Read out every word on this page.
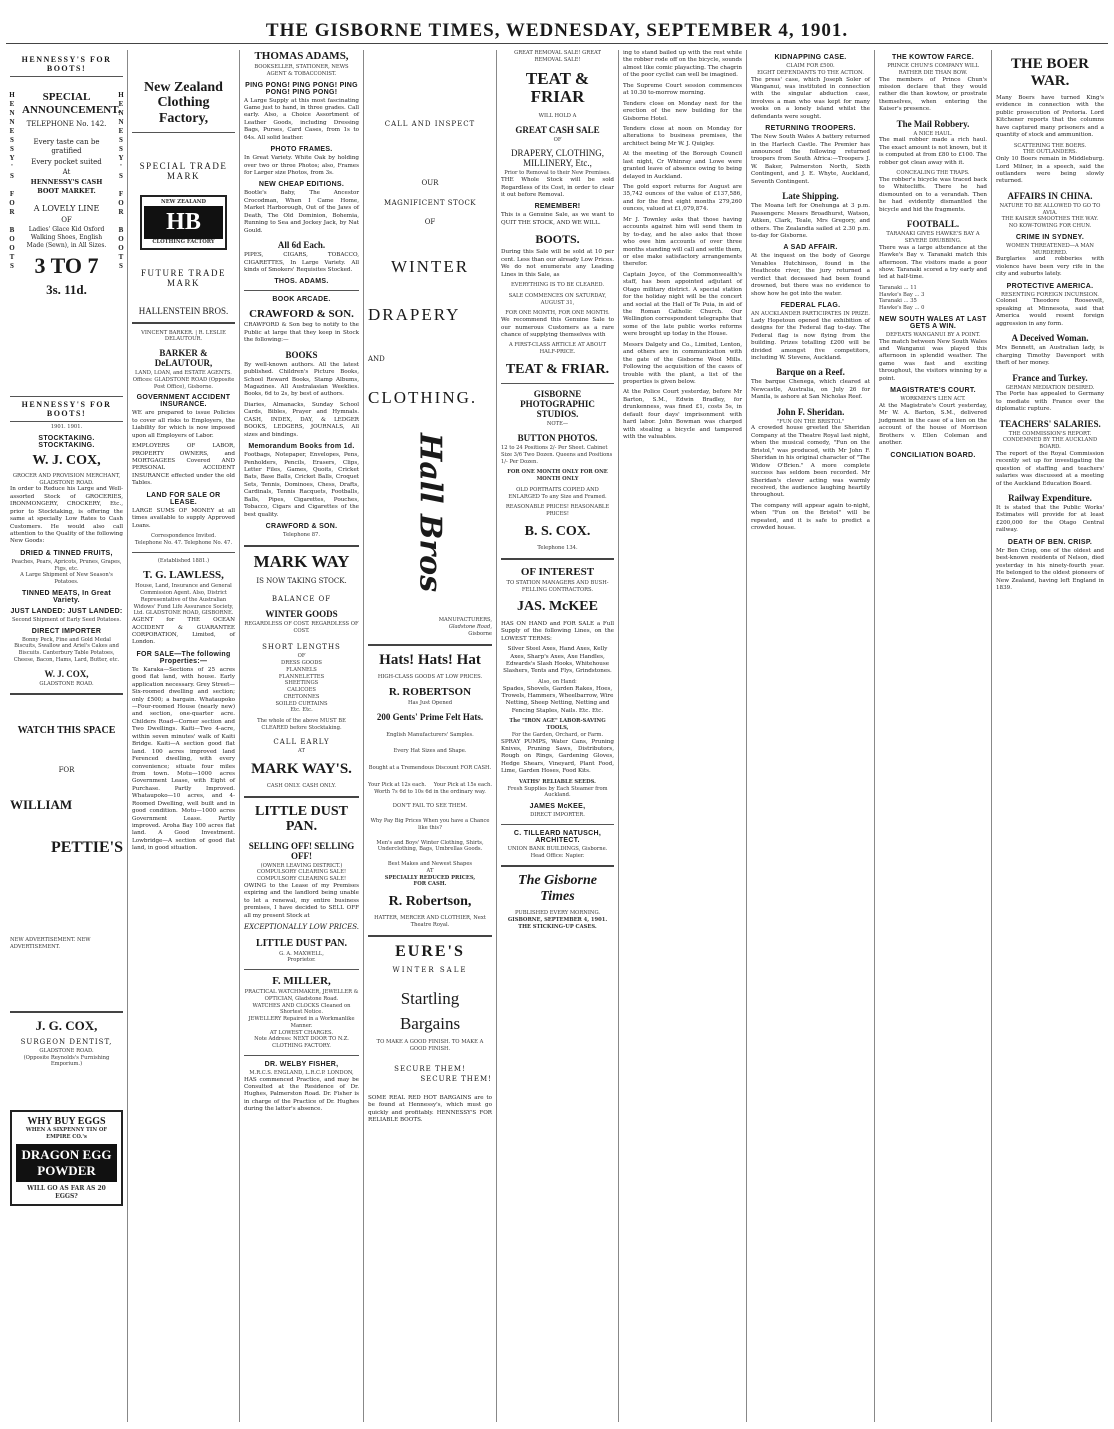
THE GISBORNE TIMES, WEDNESDAY, SEPTEMBER 4, 1901.
HENNESSY'S FOR BOOTS!
HENNESSY'S FOR BOOTS	HENNESSY'S FOR BOOTS
SPECIAL ANNOUNCEMENT.
TELEPHONE No. 142.
Every taste can be gratified
Every pocket suited
At
HENNESSY'S CASH BOOT MARKET.
A LOVELY LINE
OF
Ladies' Glace Kid Oxford Walking Shoes, English Made (Sewn), in All Sizes.
3 TO 7
3s. 11d.
HENNESSY'S FOR BOOTS!
1901. 1901.
STOCKTAKING. STOCKTAKING.
W. J. COX,
GROCER AND PROVISION MERCHANT, GLADSTONE ROAD.

In order to Reduce his Large and Well-assorted Stock of GROCERIES, IRONMONGERY, CROCKERY, Etc., prior to Stocktaking, is offering the same at specially Low Rates to Cash Customers. He would also call attention to the Quality of the following New Goods:

DRIED & TINNED FRUITS,
Peaches, Pears, Apricots, Prunes, Grapes, Figs, etc.
A Large Shipment of New Season's Potatoes.
TINNED MEATS, In Great Variety.
JUST LANDED: JUST LANDED:
Second Shipment of Early Seed Potatoes.
DIRECT IMPORTER
Bonny Peck, Fine and Gold Medal Biscuits, Swallow and Ariel's Cakes and Biscuits. Canterbury Table Potatoes, Cheese, Bacon, Hams, Lard, Butter, etc.
W. J. COX,
GLADSTONE ROAD.
WATCH THIS SPACE
FOR
WILLIAM
PETTIE'S
NEW ADVERTISEMENT. NEW ADVERTISEMENT.
J. G. COX,
SURGEON DENTIST,
GLADSTONE ROAD.
(Opposite Reynolds's Furnishing Emporium.)
WHY BUY EGGS
WHEN A SIXPENNY TIN OF EMPIRE CO.'s
DRAGON EGG POWDER
WILL GO AS FAR AS 20 EGGS?
New Zealand Clothing Factory,
SPECIAL TRADE MARK
NEW ZEALAND
HB
CLOTHING FACTORY
FUTURE TRADE MARK
HALLENSTEIN BROS.
VINCENT BARKER. | R. LESLIE DELAUTOUR.
BARKER & DeLAUTOUR,
LAND, LOAN, and ESTATE AGENTS.
Offices: GLADSTONE ROAD (Opposite Post Office), Gisborne.
GOVERNMENT ACCIDENT INSURANCE.

WE are prepared to issue Policies to cover all risks to Employers, the Liability for which is now imposed upon all Employers of Labor.

EMPLOYERS OF LABOR, PROPERTY OWNERS, and MORTGAGEES Covered AND PERSONAL ACCIDENT INSURANCE effected under the old Tables.

LAND FOR SALE OR LEASE.

LARGE SUMS OF MONEY at all times available to supply Approved Loans.

Correspondence Invited.
Telephone No. 47. Telephone No. 47.
(Established 1881.)
T. G. LAWLESS,
House, Land, Insurance and General Commission Agent. Also, District Representative of the Australian Widows' Fund Life Assurance Society, Ltd. GLADSTONE ROAD, GISBORNE.

AGENT for THE OCEAN ACCIDENT & GUARANTEE CORPORATION, Limited, of London.

FOR SALE—The following Properties:—

Te Karaka—Sections of 25 acres good flat land, with house. Early application necessary. Grey Street—Six-roomed dwelling and section; only £500; a bargain. Whataupoko—Four-roomed House (nearly new) and section, one-quarter acre. Childers Road—Corner section and Two Dwellings. Kaiti—Two 4-acre, within seven minutes' walk of Kaiti Bridge. Kaiti—A section good flat land. 100 acres improved land Ferenced dwelling, with every convenience; situate four miles from town. Motu—1000 acres Government Lease, with Eight of Purchase. Partly Improved. Whataupoko—10 acres, and 4-Roomed Dwelling, well built and in good condition. Motu—1000 acres Government Lease. Partly improved. Aroha Bay 100 acres flat land. A Good Investment. Lowbridge—A section of good flat land, in good situation.

THOMAS ADAMS,
BOOKSELLER, STATIONER, NEWS AGENT & TOBACCONIST.
PING PONG! PING PONG! PING PONG! PING PONG!

A Large Supply at this most fascinating Game just to hand, in three grades. Call early. Also, a Choice Assortment of Leather Goods, including Dressing Bags, Purses, Card Cases, from 1s to 64s. All solid leather.

PHOTO FRAMES.

In Great Variety. White Oak by holding over two or three Photos; also, Frames for Larger size Photos, from 3s.

NEW CHEAP EDITIONS.

Bootle's Baby, The Ancestor Crocodman, When I Came Home, Market Harborough, Out of the Jaws of Death, The Old Dominion, Bohemia, Running to Sea and Jockey Jack, by Nat Gould.

All 6d Each.

PIPES, CIGARS, TOBACCO, CIGARETTES, In Large Variety. All kinds of Smokers' Requisites Stocked.

THOS. ADAMS.
BOOK ARCADE.
CRAWFORD & SON.

CRAWFORD & Son beg to notify to the Public at large that they keep in Stock the following:—

BOOKS

By well-known authors. All the latest published. Children's Picture Books, School Reward Books, Stamp Albums, Magazines. All Australasian Weeklies. Books, 6d to 2s, by best of authors.

Diaries, Almanacks, Sunday School Cards, Bibles, Prayer and Hymnals. CASH, INDEX, DAY, & LEDGER BOOKS, LEDGERS, JOURNALS, All sizes and bindings.

Memorandum Books from 1d.

Footbags, Notepaper, Envelopes, Pens, Penholders, Pencils, Erasers, Clips, Letter Files, Games, Quoits, Cricket Bats, Base Balls, Cricket Balls, Croquet Sets, Tennis, Dominoes, Chess, Drafts, Cardinals, Tennis Racquets, Footballs, Balls, Pipes, Cigarettes, Pouches, Tobacco, Cigars and Cigarettes of the best quality.

CRAWFORD & SON.
Telephone 87.
MARK WAY
IS NOW TAKING STOCK.
BALANCE OF
WINTER GOODS
REGARDLESS OF COST. REGARDLESS OF COST.
SHORT LENGTHS
OF
DRESS GOODS
FLANNELS
FLANNELETTES
SHEETINGS
CALICOES
CRETONNES
SOILED CURTAINS
Etc. Etc.
The whole of the above MUST BE CLEARED before Stocktaking.
CALL EARLY
AT
MARK WAY'S.
CASH ONLY. CASH ONLY.
LITTLE DUST PAN.
SELLING OFF! SELLING OFF!
(OWNER LEAVING DISTRICT.)
COMPULSORY CLEARING SALE! COMPULSORY CLEARING SALE!

OWING to the Lease of my Premises expiring and the landlord being unable to let a renewal, my entire business premises, I have decided to SELL OFF all my present Stock at

EXCEPTIONALLY LOW PRICES.
LITTLE DUST PAN.
G. A. MAXWELL,
Proprietor.
F. MILLER,
PRACTICAL WATCHMAKER, JEWELLER & OPTICIAN, Gladstone Road.
WATCHES AND CLOCKS Cleaned on Shortest Notice.
JEWELLERY Repaired in a Workmanlike Manner.
AT LOWEST CHARGES.
Note Address: NEXT DOOR TO N.Z. CLOTHING FACTORY.
DR. WELBY FISHER,
M.R.C.S. ENGLAND, L.R.C.P. LONDON,

HAS commenced Practice, and may be Consulted at the Residence of Dr. Hughes, Palmerston Road. Dr. Fisher is in charge of the Practice of Dr. Hughes during the latter's absence.

CALL AND INSPECT
OUR
MAGNIFICENT STOCK
OF
WINTER
DRAPERY
AND
CLOTHING.
Hall Bros
MANUFACTURERS,
Gladstone Road,
Gisborne
Hats! Hats! Hat
HIGH-CLASS GOODS AT LOW PRICES.
R. ROBERTSON
Has Just Opened
200 Gents' Prime Felt Hats.
English Manufacturers' Samples.
Every Hat Sizes and Shape.
Bought at a Tremendous Discount FOR CASH.
Your Pick at 12s each. Your Pick at 15s each.
Worth 7s 6d to 10s 6d in the ordinary way.
DON'T FAIL TO SEE THEM.
Why Pay Big Prices When you have a Chance like this?
Men's and Boys' Winter Clothing, Shirts, Underclothing, Bags, Umbrellas Goods.
Best Makes and Newest Shapes
AT
SPECIALLY REDUCED PRICES,
FOR CASH.
R. Robertson,
HATTER, MERCER AND CLOTHIER, Next Theatre Royal.
EURE'S
WINTER SALE
Startling
Bargains
TO MAKE A GOOD FINISH. TO MAKE A GOOD FINISH.
SECURE THEM!
SECURE THEM!

SOME REAL RED HOT BARGAINS are to be found at Hennessy's, which must go quickly and profitably. HENNESSY'S FOR RELIABLE BOOTS.

GREAT REMOVAL SALE! GREAT REMOVAL SALE!
TEAT & FRIAR
WILL HOLD A
GREAT CASH SALE
OF
DRAPERY, CLOTHING, MILLINERY, Etc.,
Prior to Removal to their New Premises.

THE Whole Stock will be sold Regardless of its Cost, in order to clear it out before Removal.

REMEMBER!

This is a Genuine Sale, as we want to QUIT THE STOCK, AND WE WILL.

BOOTS.

During this Sale will be sold at 10 per cent. Less than our already Low Prices. We do not enumerate any Leading Lines in this Sale, as

EVERYTHING IS TO BE CLEARED.
SALE COMMENCES ON SATURDAY, AUGUST 31,
FOR ONE MONTH, FOR ONE MONTH.

We recommend this Genuine Sale to our numerous Customers as a rare chance of supplying themselves with

A FIRST-CLASS ARTICLE AT ABOUT HALF-PRICE.
TEAT & FRIAR.
GISBORNE PHOTOGRAPHIC STUDIOS.
NOTE—
BUTTON PHOTOS.
12 to 24 Positions 2/- Per Sheet. Cabinet Size 3/6 Two Dozen. Queens and Positions 1/- Per Dozen.
FOR ONE MONTH ONLY FOR ONE MONTH ONLY
OLD PORTRAITS COPIED AND ENLARGED To any Size and Framed.
REASONABLE PRICES! REASONABLE PRICES!
B. S. COX.
Telephone 134.
OF INTEREST
TO STATION MANAGERS AND BUSH-FELLING CONTRACTORS.
JAS. McKEE

HAS ON HAND and FOR SALE a Full Supply of the following Lines, on the LOWEST TERMS:

Silver Steel Axes, Hand Axes, Kelly Axes, Sharp's Axes, Axe Handles, Edwards's Slash Hooks, Whitehouse Slashers, Tents and Flys, Grindstones.

Also, on Hand:

Spades, Shovels, Garden Rakes, Hoes, Trowels, Hammers, Wheelbarrow, Wire Netting, Sheep Netting, Netting and Fencing Staples, Nails. Etc. Etc.

The "IRON AGE" LABOR-SAVING TOOLS,
For the Garden, Orchard, or Farm.

SPRAY PUMPS, Water Cans, Pruning Knives, Pruning Saws, Distributors, Rough on Rings, Gardening Gloves, Hedge Shears, Vineyard, Plant Food, Lime, Garden Hoses, Food Kits.

VATHS' RELIABLE SEEDS.
Fresh Supplies by Each Steamer from Auckland.
JAMES McKEE,
DIRECT IMPORTER.
C. TILLEARD NATUSCH, ARCHITECT.
UNION BANK BUILDINGS, Gisborne.
Head Office: Napier.
The Gisborne Times
PUBLISHED EVERY MORNING.
GISBORNE, SEPTEMBER 4, 1901.
THE STICKING-UP CASES.

ing to stand bailed up with the rest while the robber rode off on the bicycle, sounds almost like comic playacting. The chagrin of the poor cyclist can well be imagined.

The Supreme Court session commences at 10.30 to-morrow morning.

Tenders close on Monday next for the erection of the new building for the Gisborne Hotel.

Tenders close at noon on Monday for alterations to business premises, the architect being Mr W. J. Quigley.

At the meeting of the Borough Council last night, Cr Whinray and Lowe were granted leave of absence owing to being delayed in Auckland.

The gold export returns for August are 35,742 ounces of the value of £137,586, and for the first eight months 279,260 ounces, valued at £1,079,874.

Mr J. Townley asks that those having accounts against him will send them in by to-day, and he also asks that those who owe him accounts of over three months standing will call and settle them, or else make satisfactory arrangements therefor.

Captain Joyce, of the Commonwealth's staff, has been appointed adjutant of Otago military district. A special station for the holiday night will be the concert and social at the Hall of Te Puia, in aid of the Roman Catholic Church. Our Wellington correspondent telegraphs that some of the late public works reforms were brought up today in the House.

Messrs Dalgety and Co., Limited, Lenton, and others are in communication with the gate of the Gisborne Wool Mills. Following the acquisition of the cases of trouble with the plant, a list of the properties is given below.

At the Police Court yesterday, before Mr Barton, S.M., Edwin Bradley, for drunkenness, was fined £1, costs 5s, in default four days' imprisonment with hard labor. John Bowman was charged with stealing a bicycle and tampered with the valuables.

KIDNAPPING CASE.
CLAIM FOR £500.
EIGHT DEFENDANTS TO THE ACTION.

The press' case, which Joseph Soler of Wanganui, was instituted in connection with the singular abduction case, involves a man who was kept for many weeks on a lonely island whilst the defendants were sought.

RETURNING TROOPERS.

The New South Wales A battery returned in the Harlech Castle. The Premier has announced the following returned troopers from South Africa:—Troopers J. W. Baker, Palmerston North, Sixth Contingent, and J. E. Whyte, Auckland, Seventh Contingent.

Late Shipping.

The Moana left for Onehunga at 3 p.m. Passengers: Messrs Broadhurst, Watson, Aitken, Clark, Teale, Mrs Gregory, and others. The Zealandia sailed at 2.30 p.m. to-day for Gisborne.

A SAD AFFAIR.

At the inquest on the body of George Venables Hutchinson, found in the Heathcote river, the jury returned a verdict that deceased had been found drowned, but there was no evidence to show how he got into the water.

FEDERAL FLAG.
AN AUCKLANDER PARTICIPATES IN PRIZE.

Lady Hopetoun opened the exhibition of designs for the Federal flag to-day. The Federal flag is now flying from the building. Prizes totalling £200 will be divided amongst five competitors, including W. Stevens, Auckland.

Barque on a Reef.

The barque Chenega, which cleared at Newcastle, Australia, on July 26 for Manila, is ashore at San Nicholas Reef.

John F. Sheridan.
"FUN ON THE BRISTOL"

A crowded house greeted the Sheridan Company at the Theatre Royal last night, when the musical comedy, "Fun on the Bristol," was produced, with Mr John F. Sheridan in his original character of "The Widow O'Brien." A more complete success has seldom been recorded. Mr Sheridan's clever acting was warmly received, the audience laughing heartily throughout.

The company will appear again to-night, when "Fun on the Bristol" will be repeated, and it is safe to predict a crowded house.

THE KOWTOW FARCE.
PRINCE CHUN'S COMPANY WILL RATHER DIE THAN BOW.

The members of Prince Chun's mission declare that they would rather die than kowtow, or prostrate themselves, when entering the Kaiser's presence.

The Mail Robbery.
A NICE HAUL.

The mail robber made a rich haul. The exact amount is not known, but it is computed at from £80 to £100. The robber got clean away with it.

CONCEALING THE TRAPS.

The robber's bicycle was traced back to Whitecliffs. There he had dismounted on to a verandah. Then he had evidently dismantled the bicycle and hid the fragments.

FOOTBALL.
TARANAKI GIVES HAWKE'S BAY A SEVERE DRUBBING.

There was a large attendance at the Hawke's Bay v. Taranaki match this afternoon. The visitors made a poor show. Taranaki scored a try early and led at half-time.

Taranaki ... 11
Hawke's Bay ... 3
Taranaki ... 35
Hawke's Bay ... 0
NEW SOUTH WALES AT LAST GETS A WIN.
DEFEATS WANGANUI BY A POINT.

The match between New South Wales and Wanganui was played this afternoon in splendid weather. The game was fast and exciting throughout, the visitors winning by a point.

MAGISTRATE'S COURT.
WORKMEN'S LIEN ACT.

At the Magistrate's Court yesterday, Mr W. A. Barton, S.M., delivered judgment in the case of a lien on the account of the house of Morrison Brothers v. Ellen Coleman and another.

CONCILIATION BOARD.
THE BOER WAR.

Many Boers have turned King's evidence in connection with the public prosecution of Pretoria. Lord Kitchener reports that the columns have captured many prisoners and a quantity of stock and ammunition.

SCATTERING THE BOERS.
THE OUTLANDERS.

Only 10 Boers remain in Middleburg. Lord Milner, in a speech, said the outlanders were being slowly returned.

AFFAIRS IN CHINA.
NATURE TO BE ALLOWED TO GO TO AVIA.
THE KAISER SMOOTHES THE WAY.
NO KOW-TOWING FOR CHUN.
CRIME IN SYDNEY.
WOMEN THREATENED—A MAN MURDERED.

Burglaries and robberies with violence have been very rife in the city and suburbs lately.

PROTECTIVE AMERICA.
RESENTING FOREIGN INCURSION.

Colonel Theodore Roosevelt, speaking at Minnesota, said that America would resent foreign aggression in any form.

A Deceived Woman.

Mrs Bennett, an Australian lady, is charging Timothy Davenport with theft of her money.

France and Turkey.
GERMAN MEDIATION DESIRED.

The Porte has appealed to Germany to mediate with France over the diplomatic rupture.

TEACHERS' SALARIES.
THE COMMISSION'S REPORT.
CONDEMNED BY THE AUCKLAND BOARD.

The report of the Royal Commission recently set up for investigating the question of staffing and teachers' salaries was discussed at a meeting of the Auckland Education Board.

Railway Expenditure.

It is stated that the Public Works' Estimates will provide for at least £200,000 for the Otago Central railway.

DEATH OF BEN. CRISP.

Mr Ben Crisp, one of the oldest and best-known residents of Nelson, died yesterday in his ninety-fourth year. He belonged to the oldest pioneers of New Zealand, having left England in 1839.
